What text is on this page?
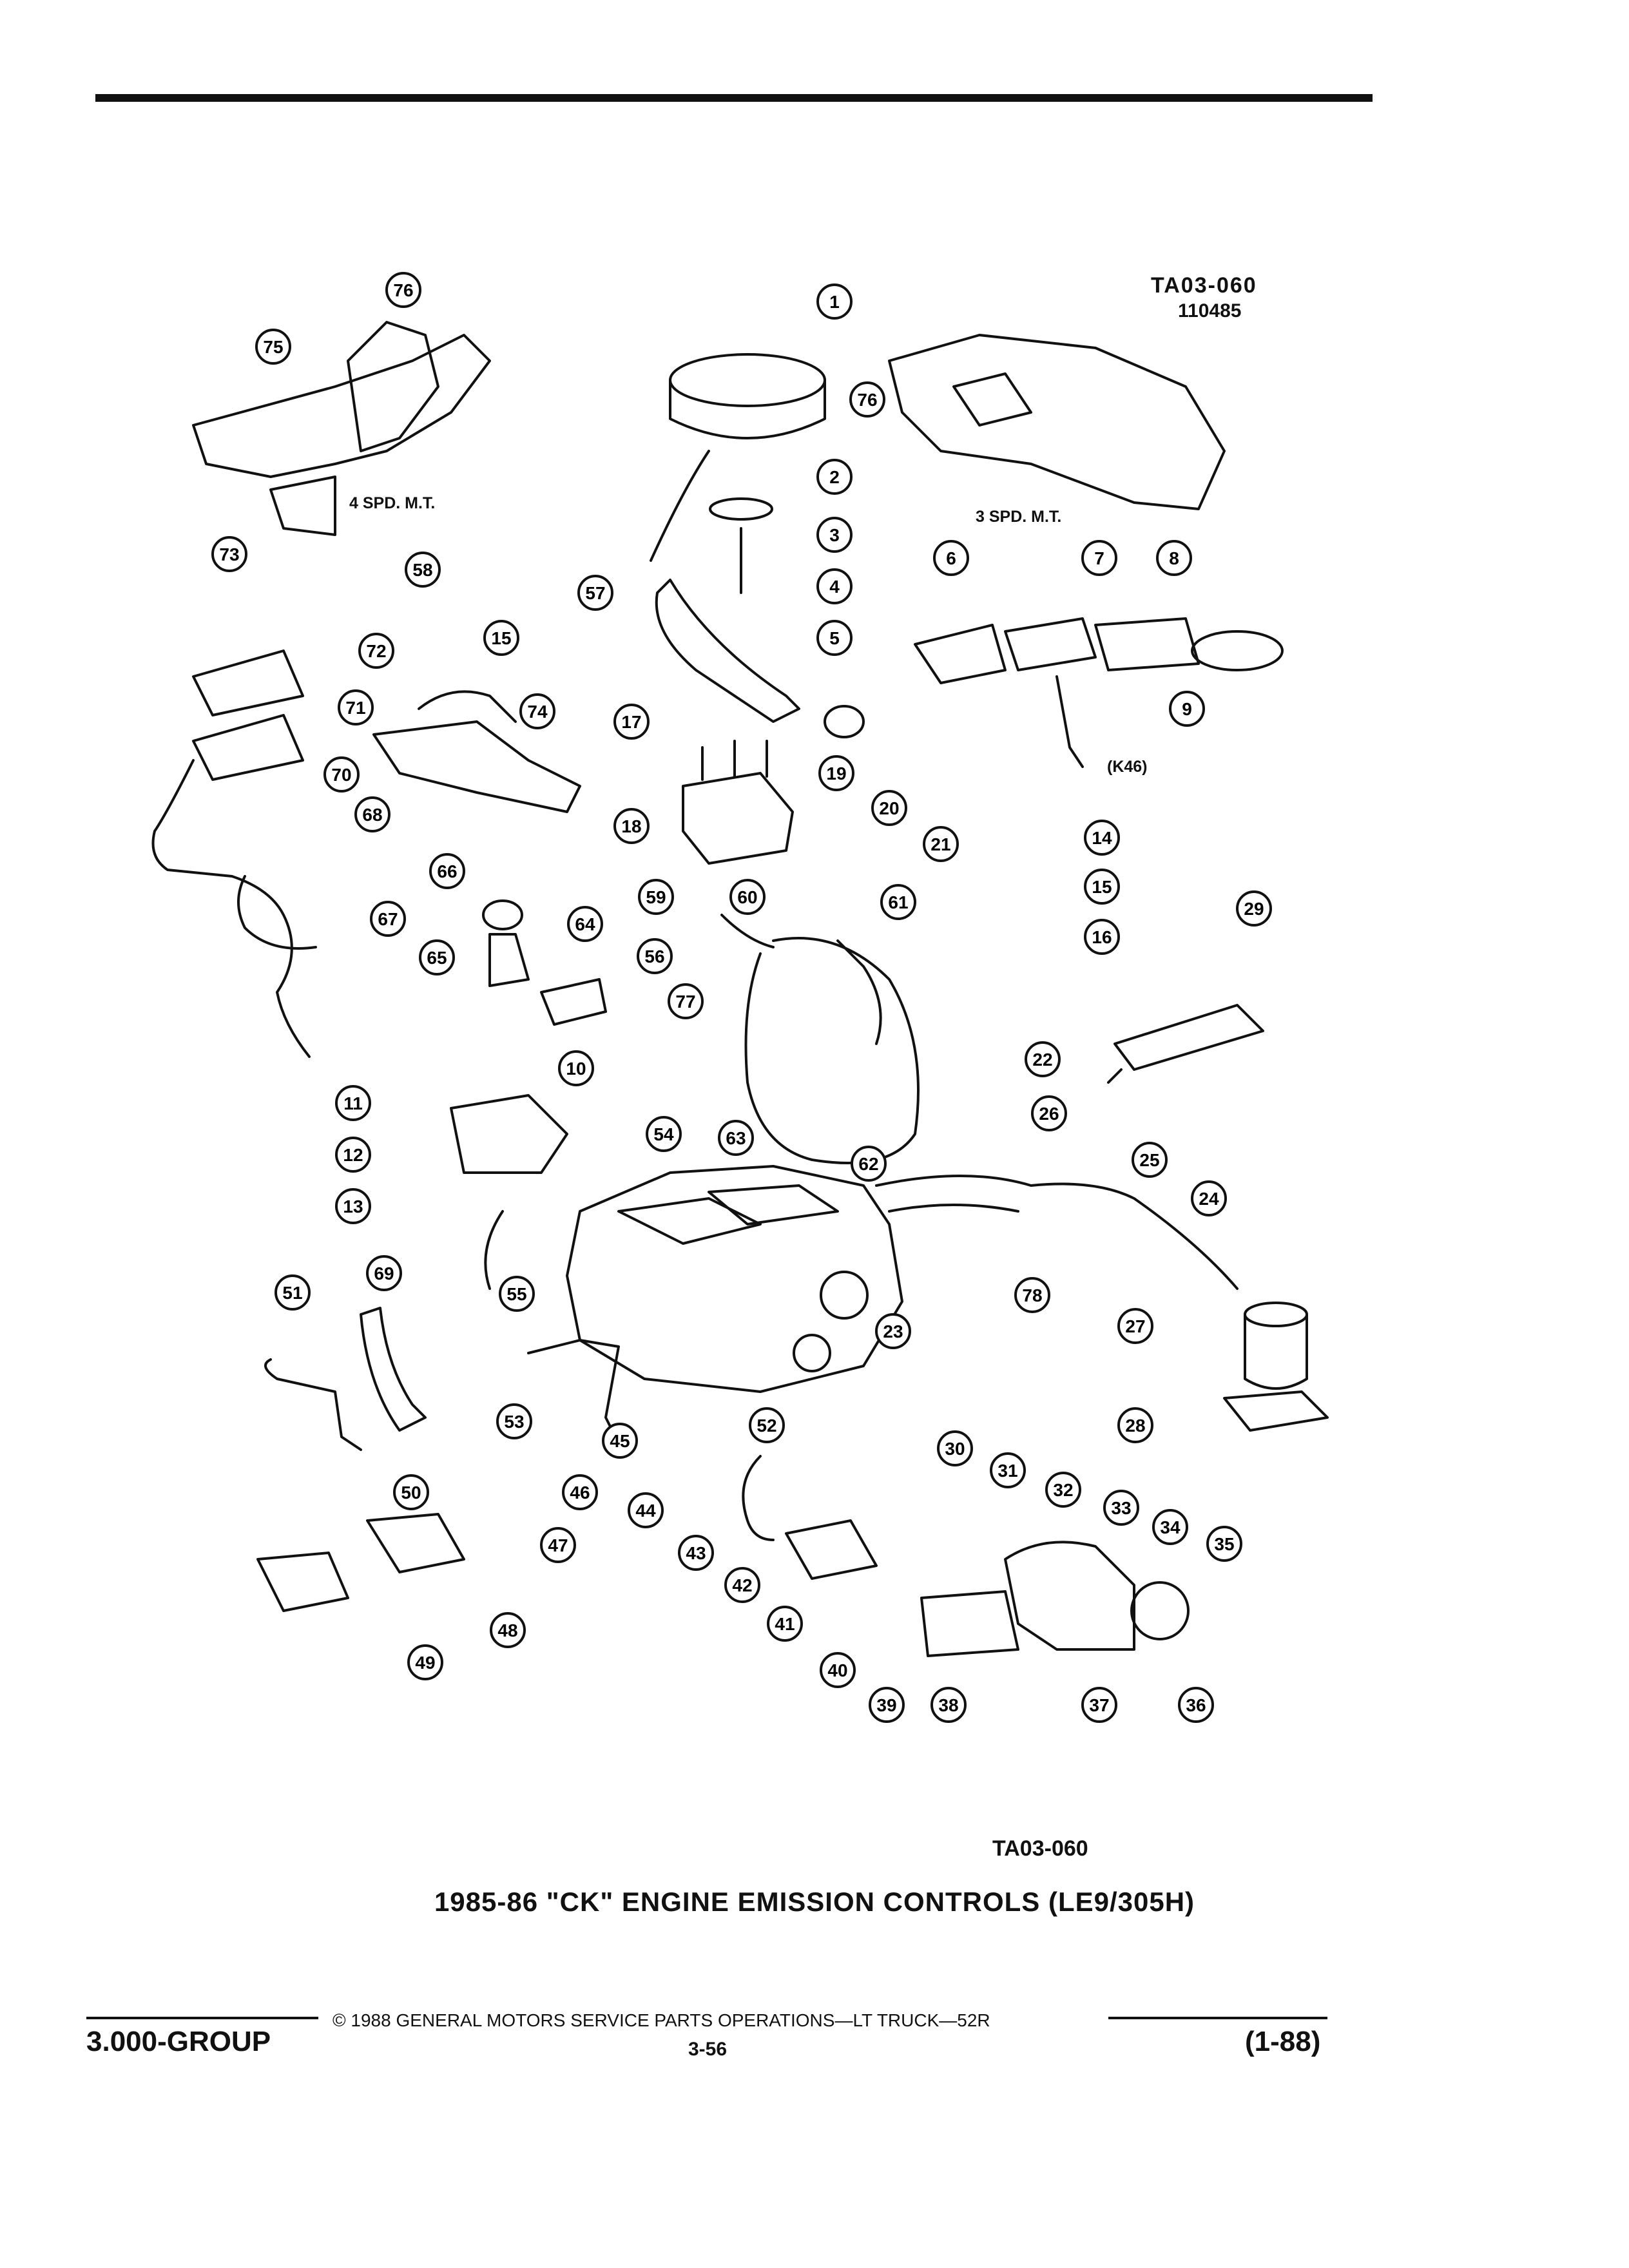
1
2
3
4
5
6	7	8
9
10
11
12
13
14
15
16
17
18
19
20
21
22
23
24
25
26
27
28
29
30
31
32
33
34
35
36
37
38
39
40
41
42
43
44
45
46
47
48
49
50
51
52
53
54
55
56
57
58
59	60	61
62
63
64
65
66
67
68
69
70
71
72
73
74
75
76
77
78
76
15
TA03-060
110485
4 SPD. M.T.
3 SPD. M.T.
(K46)
TA03-060
1985-86 "CK" ENGINE EMISSION CONTROLS (LE9/305H)
© 1988 GENERAL MOTORS SERVICE PARTS OPERATIONS—LT TRUCK—52R
3.000-GROUP	3-56	(1-88)
